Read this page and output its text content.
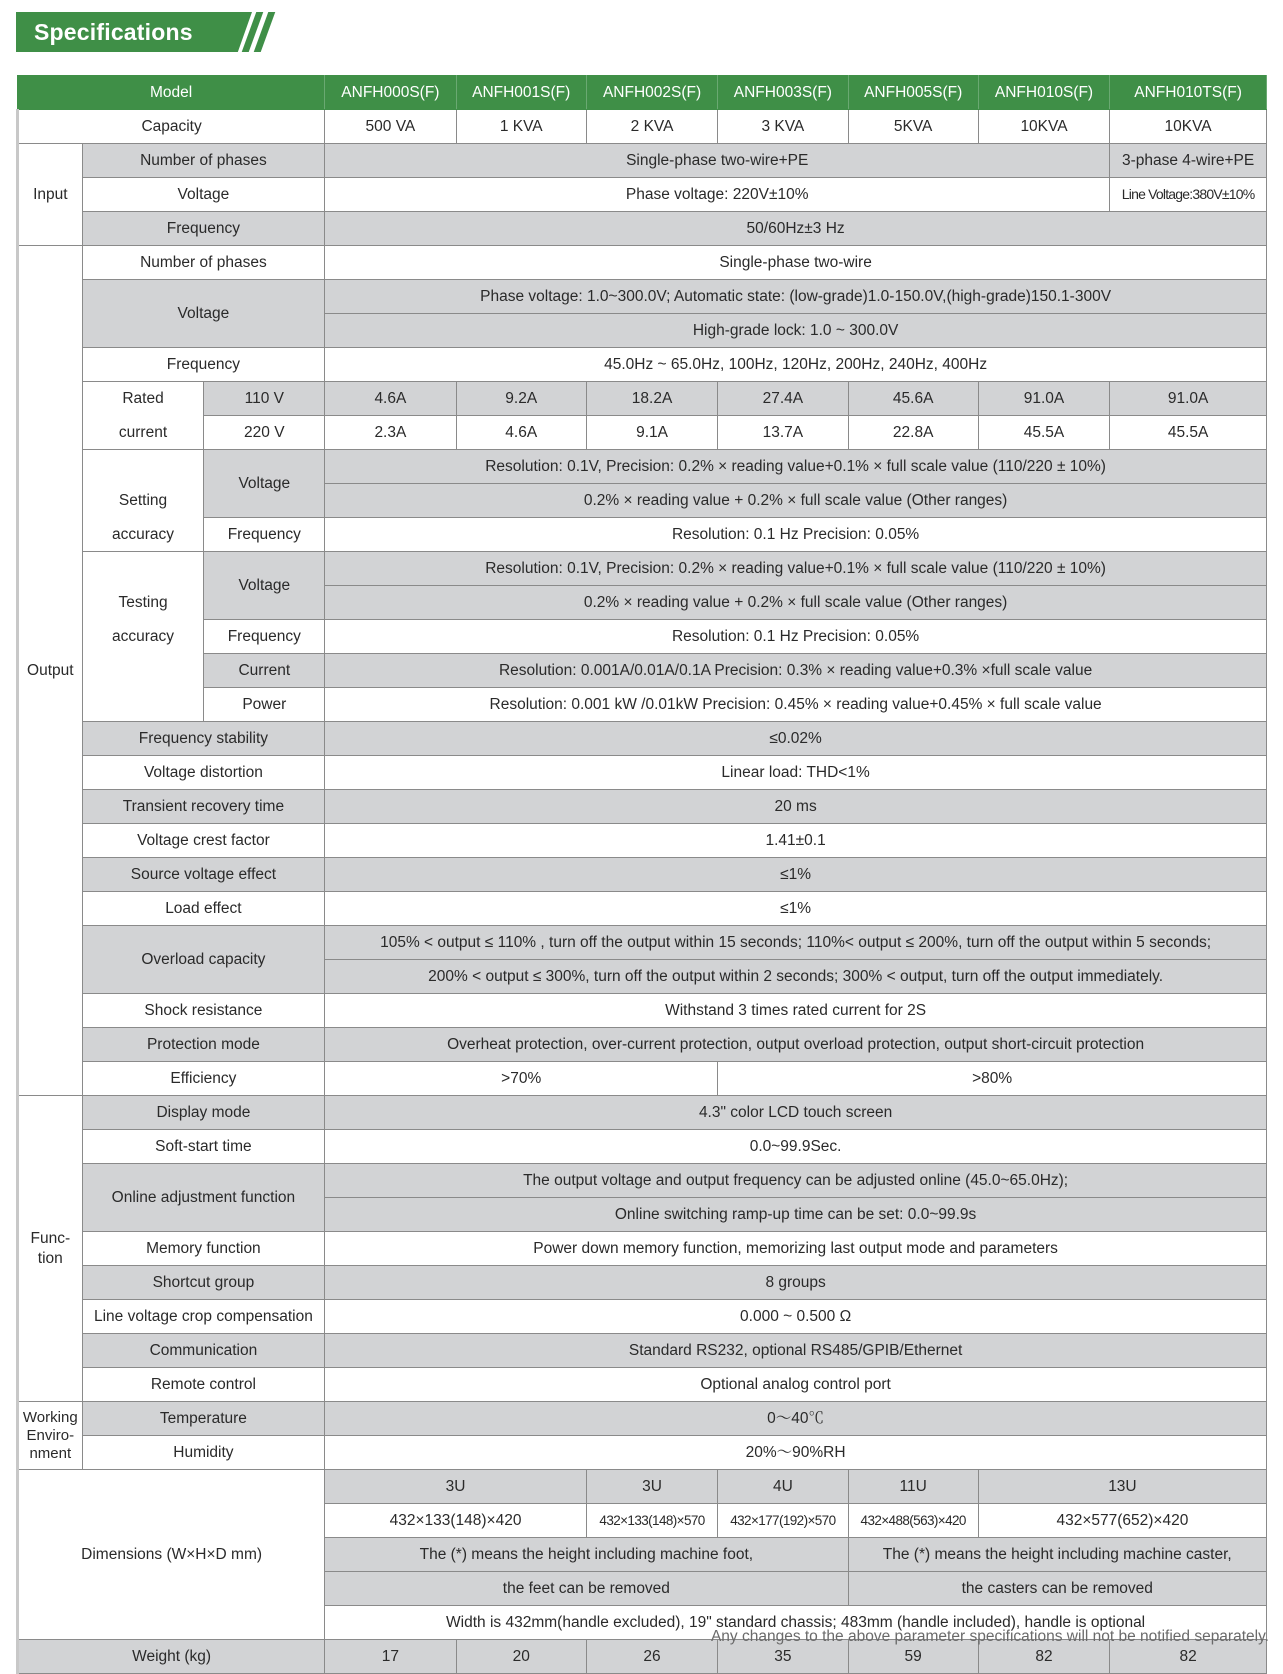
Specifications
Model			ANFH000S(F)	ANFH001S(F)	ANFH002S(F)	ANFH003S(F)	ANFH005S(F)	ANFH010S(F)	ANFH010TS(F)
Capacity			500 VA	1 KVA	2 KVA	3 KVA	5KVA	10KVA	10KVA
Input	Number of phases		Single-phase two-wire+PE						3-phase 4-wire+PE
	Voltage		Phase voltage: 220V±10%						Line Voltage:380V±10%
	Frequency		50/60Hz±3 Hz						
Output	Number of phases		Single-phase two-wire						
	Voltage		Phase voltage: 1.0~300.0V; Automatic state: (low-grade)1.0-150.0V,(high-grade)150.1-300V						
			High-grade lock: 1.0 ~ 300.0V						
	Frequency		45.0Hz ~ 65.0Hz, 100Hz, 120Hz, 200Hz, 240Hz, 400Hz						
	Rated	110 V	4.6A	9.2A	18.2A	27.4A	45.6A	91.0A	91.0A
	current	220 V	2.3A	4.6A	9.1A	13.7A	22.8A	45.5A	45.5A
		Voltage	Resolution: 0.1V, Precision: 0.2% × reading value+0.1% × full scale value (110/220 ± 10%)						
	Setting		0.2% × reading value + 0.2% × full scale value (Other ranges)						
	accuracy	Frequency	Resolution: 0.1 Hz Precision: 0.05%						
		Voltage	Resolution: 0.1V, Precision: 0.2% × reading value+0.1% × full scale value (110/220 ± 10%)						
	Testing		0.2% × reading value + 0.2% × full scale value (Other ranges)						
	accuracy	Frequency	Resolution: 0.1 Hz Precision: 0.05%						
		Current	Resolution: 0.001A/0.01A/0.1A Precision: 0.3% × reading value+0.3% ×full scale value						
		Power	Resolution: 0.001 kW /0.01kW Precision: 0.45% × reading value+0.45% × full scale value						
	Frequency stability		≤0.02%						
	Voltage distortion		Linear load: THD<1%						
	Transient recovery time		20 ms						
	Voltage crest factor		1.41±0.1						
	Source voltage effect		≤1%						
	Load effect		≤1%						
	Overload capacity		105% < output ≤ 110% , turn off the output within 15 seconds; 110%< output ≤ 200%, turn off the output within 5 seconds;						
			200% < output ≤ 300%, turn off the output within 2 seconds; 300% < output, turn off the output immediately.						
	Shock resistance		Withstand 3 times rated current for 2S						
	Protection mode		Overheat protection, over-current protection, output overload protection, output short-circuit protection						
	Efficiency		>70%			>80%			

Func-
tion	Display mode		4.3" color LCD touch screen						
	Soft-start time		0.0~99.9Sec.						
	Online adjustment function		The output voltage and output frequency can be adjusted online (45.0~65.0Hz);						
			Online switching ramp-up time can be set: 0.0~99.9s						
	Memory function		Power down memory function, memorizing last output mode and parameters						
	Shortcut group		8 groups						
	Line voltage crop compensation		0.000 ~ 0.500 Ω						
	Communication		Standard RS232, optional RS485/GPIB/Ethernet						
	Remote control		Optional analog control port						

Working
Enviro-
nment	Temperature		0～40℃						
	Humidity		20%～90%RH						
Dimensions (W×H×D mm)			3U		3U	4U	11U	13U	
			432×133(148)×420		432×133(148)×570	432×177(192)×570	432×488(563)×420	432×577(652)×420	
			The (*) means the height including machine foot,				The (*) means the height including machine caster,		
			the feet can be removed				the casters can be removed		
			Width is 432mm(handle excluded), 19" standard chassis; 483mm (handle included), handle is optional						
Weight (kg)			17	20	26	35	59	82	82
Any changes to the above parameter specifications will not be notified separately.
